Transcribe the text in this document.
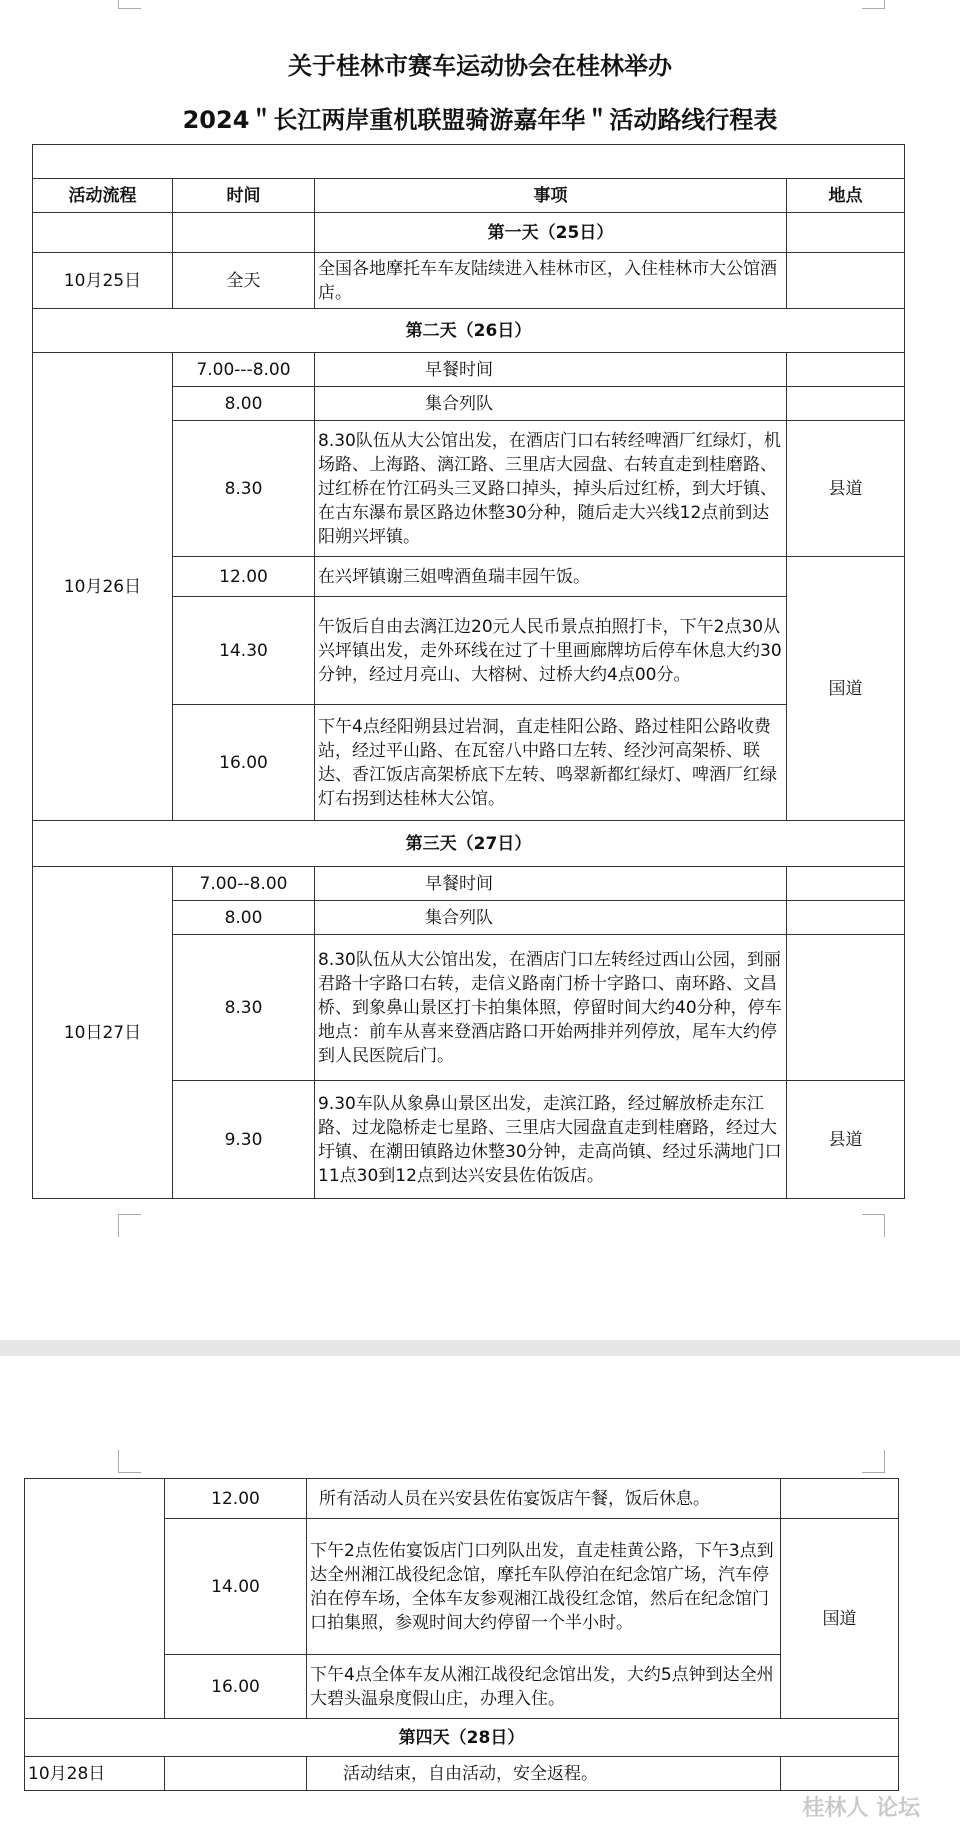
关于桂林市赛车运动协会在桂林举办
2024＂长江两岸重机联盟骑游嘉年华＂活动路线行程表

活动流程	时间	事项	地点
		第一天（25日）	
10月25日	全天	全国各地摩托车车友陆续进入桂林市区，入住桂林市大公馆酒店。	
第二天（26日）			
10月26日	7.00---8.00	早餐时间	
	8.00	集合列队	
	8.30	8.30队伍从大公馆出发，在酒店门口右转经啤酒厂红绿灯，机场路、上海路、漓江路、三里店大园盘、右转直走到桂磨路、过红桥在竹江码头三叉路口掉头，掉头后过红桥，到大圩镇、在古东瀑布景区路边休整30分种，随后走大兴线12点前到达阳朔兴坪镇。	县道
	12.00	在兴坪镇谢三姐啤酒鱼瑞丰园午饭。	国道
	14.30	午饭后自由去漓江边20元人民币景点拍照打卡，下午2点30从兴坪镇出发，走外环线在过了十里画廊牌坊后停车休息大约30分钟，经过月亮山、大榕树、过桥大约4点00分。	
	16.00	下午4点经阳朔县过岩洞，直走桂阳公路、路过桂阳公路收费站，经过平山路、在瓦窑八中路口左转、经沙河高架桥、联达、香江饭店高架桥底下左转、鸣翠新都红绿灯、啤酒厂红绿灯右拐到达桂林大公馆。	
第三天（27日）			
10日27日	7.00--8.00	早餐时间	
	8.00	集合列队	
	8.30	8.30队伍从大公馆出发，在酒店门口左转经过西山公园，到丽君路十字路口右转，走信义路南门桥十字路口、南环路、文昌桥、到象鼻山景区打卡拍集体照，停留时间大约40分种，停车地点：前车从喜来登酒店路口开始两排并列停放，尾车大约停到人民医院后门。	
	9.30	9.30车队从象鼻山景区出发，走滨江路，经过解放桥走东江路、过龙隐桥走七星路、三里店大园盘直走到桂磨路，经过大圩镇、在潮田镇路边休整30分钟，走高尚镇、经过乐满地门口11点30到12点到达兴安县佐佑饭店。	县道
	12.00	所有活动人员在兴安县佐佑宴饭店午餐，饭后休息。	
	14.00	下午2点佐佑宴饭店门口列队出发，直走桂黄公路，下午3点到达全州湘江战役纪念馆，摩托车队停泊在纪念馆广场，汽车停泊在停车场，全体车友参观湘江战役红念馆，然后在纪念馆门口拍集照，参观时间大约停留一个半小时。	国道
	16.00	下午4点全体车友从湘江战役纪念馆出发，大约5点钟到达全州大碧头温泉度假山庄，办理入住。	
第四天（28日）			
10月28日		活动结束，自由活动，安全返程。	
桂林人 论坛
